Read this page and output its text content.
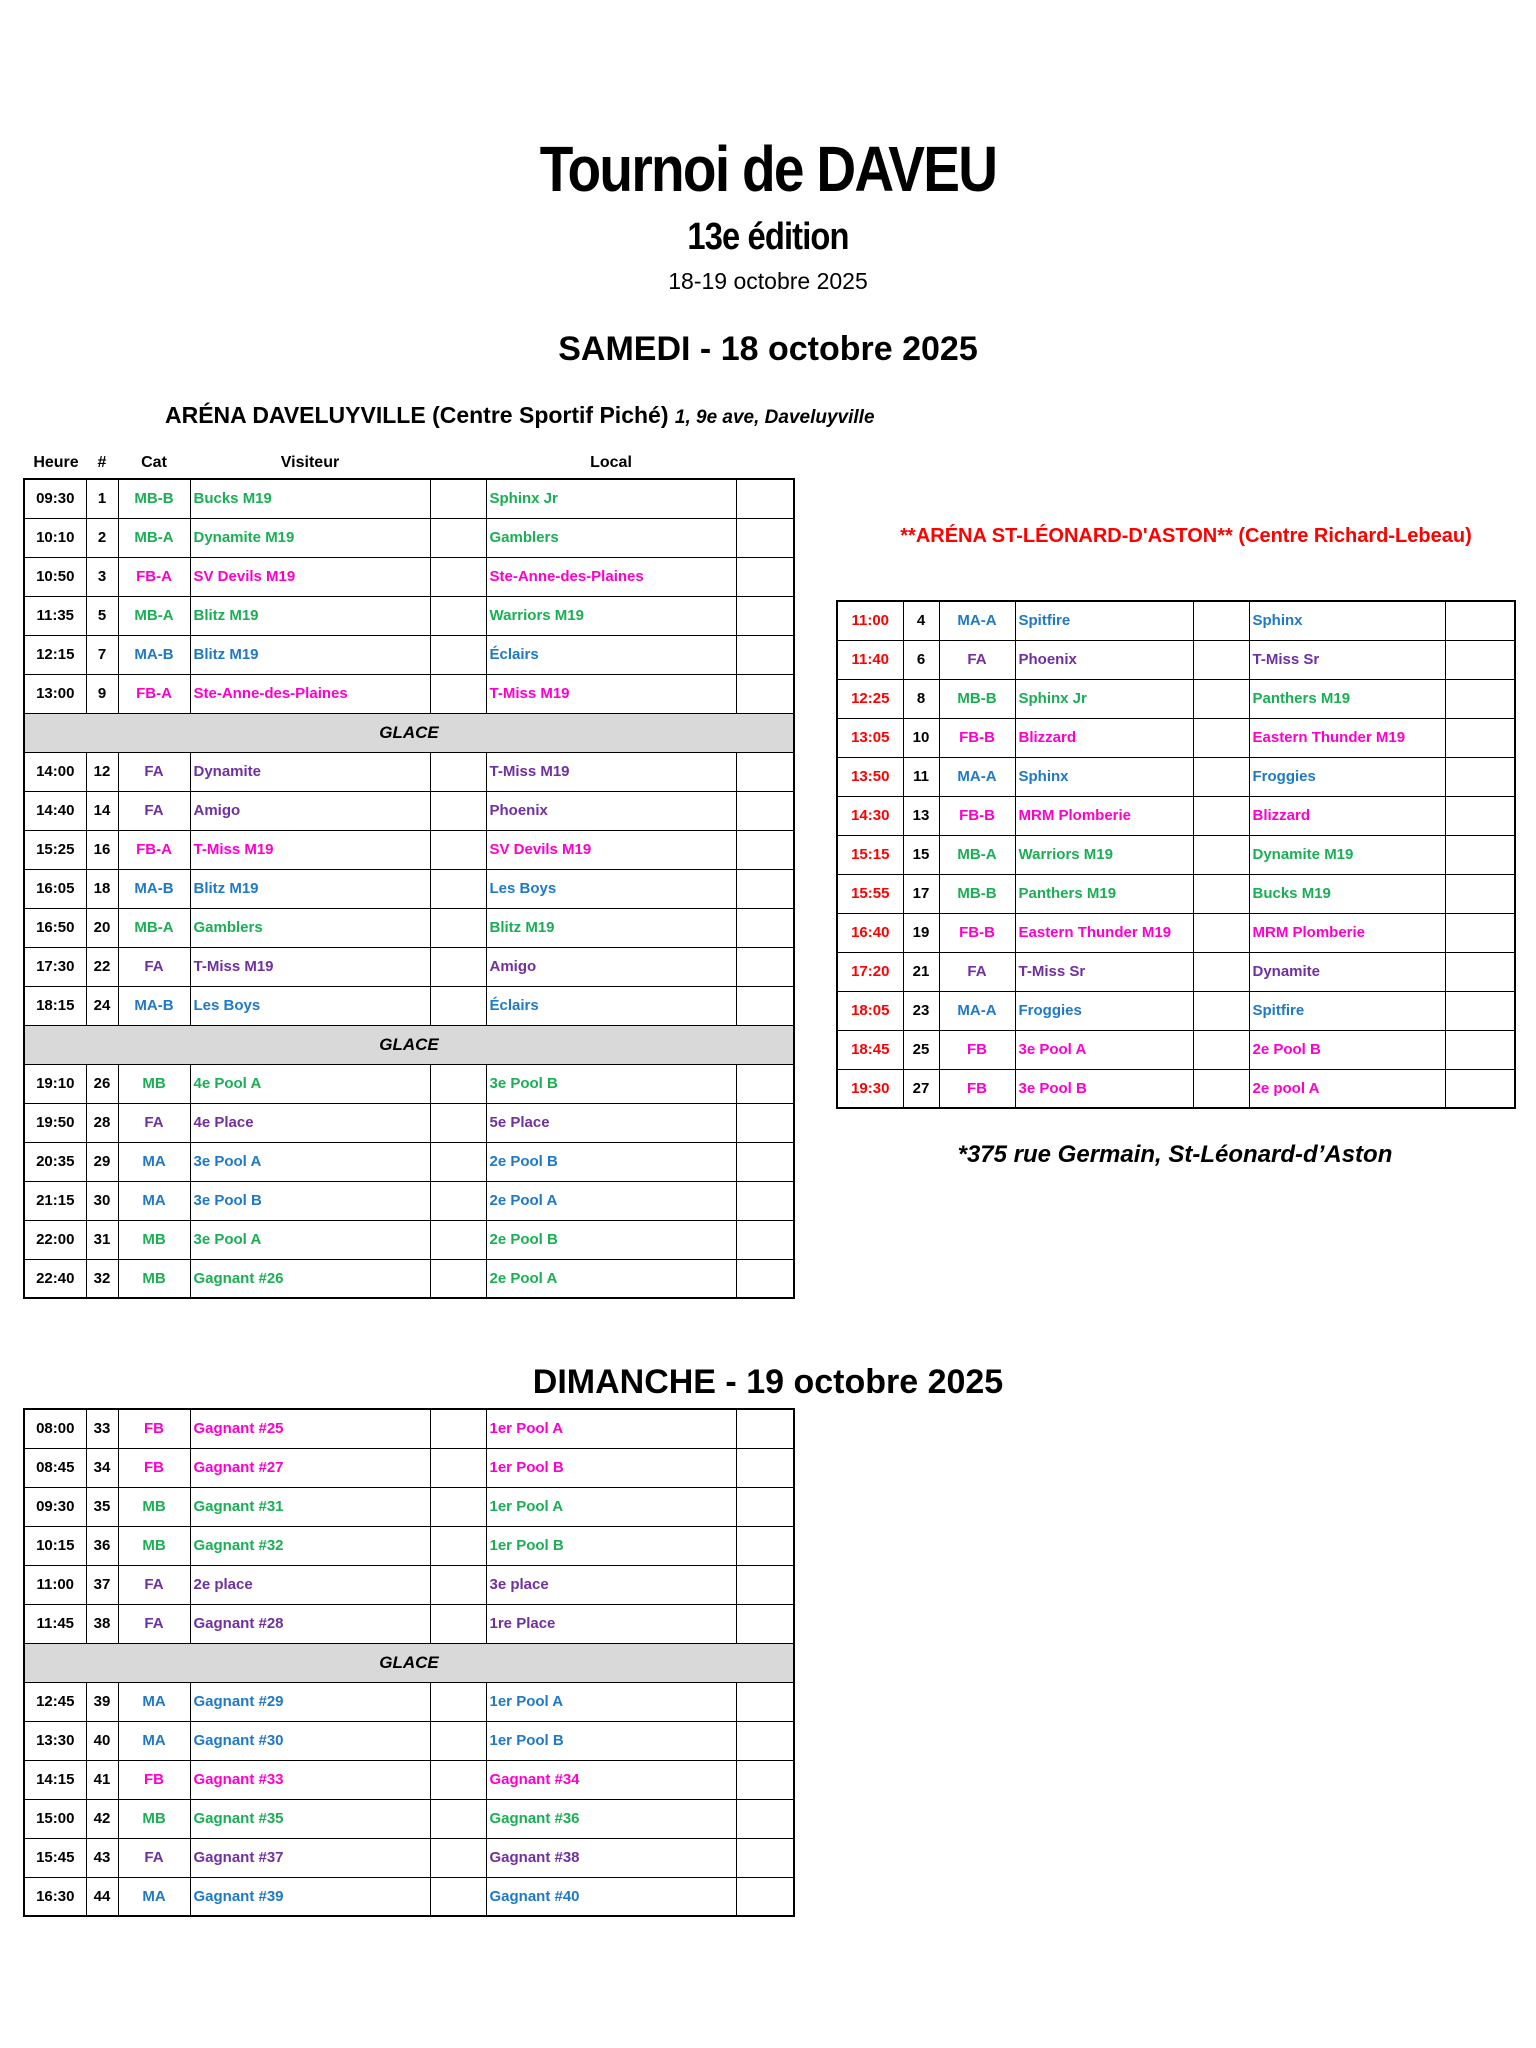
Tournoi de DAVEU
13e édition
18-19 octobre 2025
SAMEDI - 18 octobre 2025
ARÉNA DAVELUYVILLE (Centre Sportif Piché) 1, 9e ave, Daveluyville
Heure	#	Cat	Visiteur	Local
09:30	1	MB-B	Bucks M19		Sphinx Jr	
10:10	2	MB-A	Dynamite M19		Gamblers	
10:50	3	FB-A	SV Devils M19		Ste-Anne-des-Plaines	
11:35	5	MB-A	Blitz M19		Warriors M19	
12:15	7	MA-B	Blitz M19		Éclairs	
13:00	9	FB-A	Ste-Anne-des-Plaines		T-Miss M19	
GLACE						
14:00	12	FA	Dynamite		T-Miss M19	
14:40	14	FA	Amigo		Phoenix	
15:25	16	FB-A	T-Miss M19		SV Devils M19	
16:05	18	MA-B	Blitz M19		Les Boys	
16:50	20	MB-A	Gamblers		Blitz M19	
17:30	22	FA	T-Miss M19		Amigo	
18:15	24	MA-B	Les Boys		Éclairs	
GLACE						
19:10	26	MB	4e Pool A		3e Pool B	
19:50	28	FA	4e Place		5e Place	
20:35	29	MA	3e Pool A		2e Pool B	
21:15	30	MA	3e Pool B		2e Pool A	
22:00	31	MB	3e Pool A		2e Pool B	
22:40	32	MB	Gagnant #26		2e Pool A	
**ARÉNA ST-LÉONARD-D'ASTON** (Centre Richard-Lebeau)
11:00	4	MA-A	Spitfire		Sphinx	
11:40	6	FA	Phoenix		T-Miss Sr	
12:25	8	MB-B	Sphinx Jr		Panthers M19	
13:05	10	FB-B	Blizzard		Eastern Thunder M19	
13:50	11	MA-A	Sphinx		Froggies	
14:30	13	FB-B	MRM Plomberie		Blizzard	
15:15	15	MB-A	Warriors M19		Dynamite M19	
15:55	17	MB-B	Panthers M19		Bucks M19	
16:40	19	FB-B	Eastern Thunder M19		MRM Plomberie	
17:20	21	FA	T-Miss Sr		Dynamite	
18:05	23	MA-A	Froggies		Spitfire	
18:45	25	FB	3e Pool A		2e Pool B	
19:30	27	FB	3e Pool B		2e pool A	
*375 rue Germain, St-Léonard-d’Aston
DIMANCHE - 19 octobre 2025
08:00	33	FB	Gagnant #25		1er Pool A	
08:45	34	FB	Gagnant #27		1er Pool B	
09:30	35	MB	Gagnant #31		1er Pool A	
10:15	36	MB	Gagnant #32		1er Pool B	
11:00	37	FA	2e place		3e place	
11:45	38	FA	Gagnant #28		1re Place	
GLACE						
12:45	39	MA	Gagnant #29		1er Pool A	
13:30	40	MA	Gagnant #30		1er Pool B	
14:15	41	FB	Gagnant #33		Gagnant #34	
15:00	42	MB	Gagnant #35		Gagnant #36	
15:45	43	FA	Gagnant #37		Gagnant #38	
16:30	44	MA	Gagnant #39		Gagnant #40	
